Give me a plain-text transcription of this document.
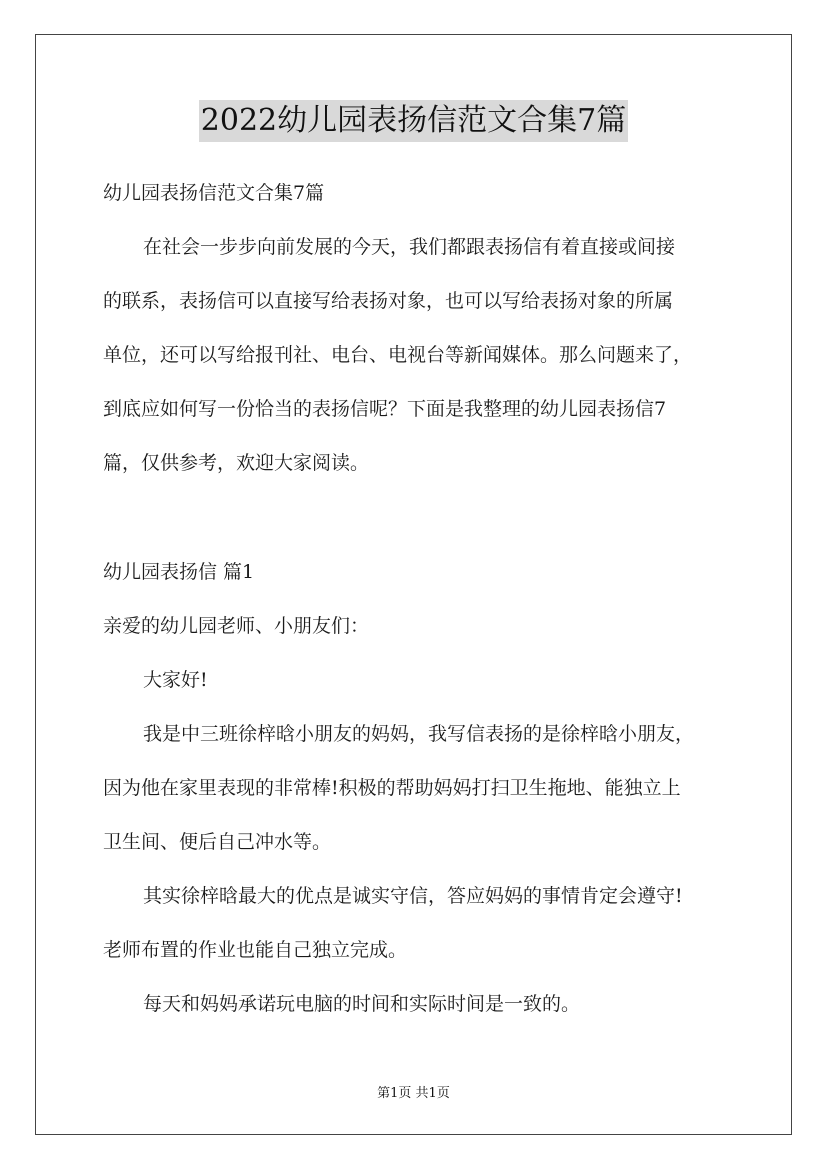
2022幼儿园表扬信范文合集7篇

幼儿园表扬信范文合集7篇

在社会一步步向前发展的今天，我们都跟表扬信有着直接或间接
的联系，表扬信可以直接写给表扬对象，也可以写给表扬对象的所属
单位，还可以写给报刊社、电台、电视台等新闻媒体。那么问题来了，
到底应如何写一份恰当的表扬信呢？下面是我整理的幼儿园表扬信7
篇，仅供参考，欢迎大家阅读。

幼儿园表扬信 篇1

亲爱的幼儿园老师、小朋友们：

大家好!

我是中三班徐梓晗小朋友的妈妈，我写信表扬的是徐梓晗小朋友，
因为他在家里表现的非常棒!积极的帮助妈妈打扫卫生拖地、能独立上
卫生间、便后自己冲水等。

其实徐梓晗最大的优点是诚实守信，答应妈妈的事情肯定会遵守!
老师布置的作业也能自己独立完成。

每天和妈妈承诺玩电脑的时间和实际时间是一致的。

第1页 共1页
